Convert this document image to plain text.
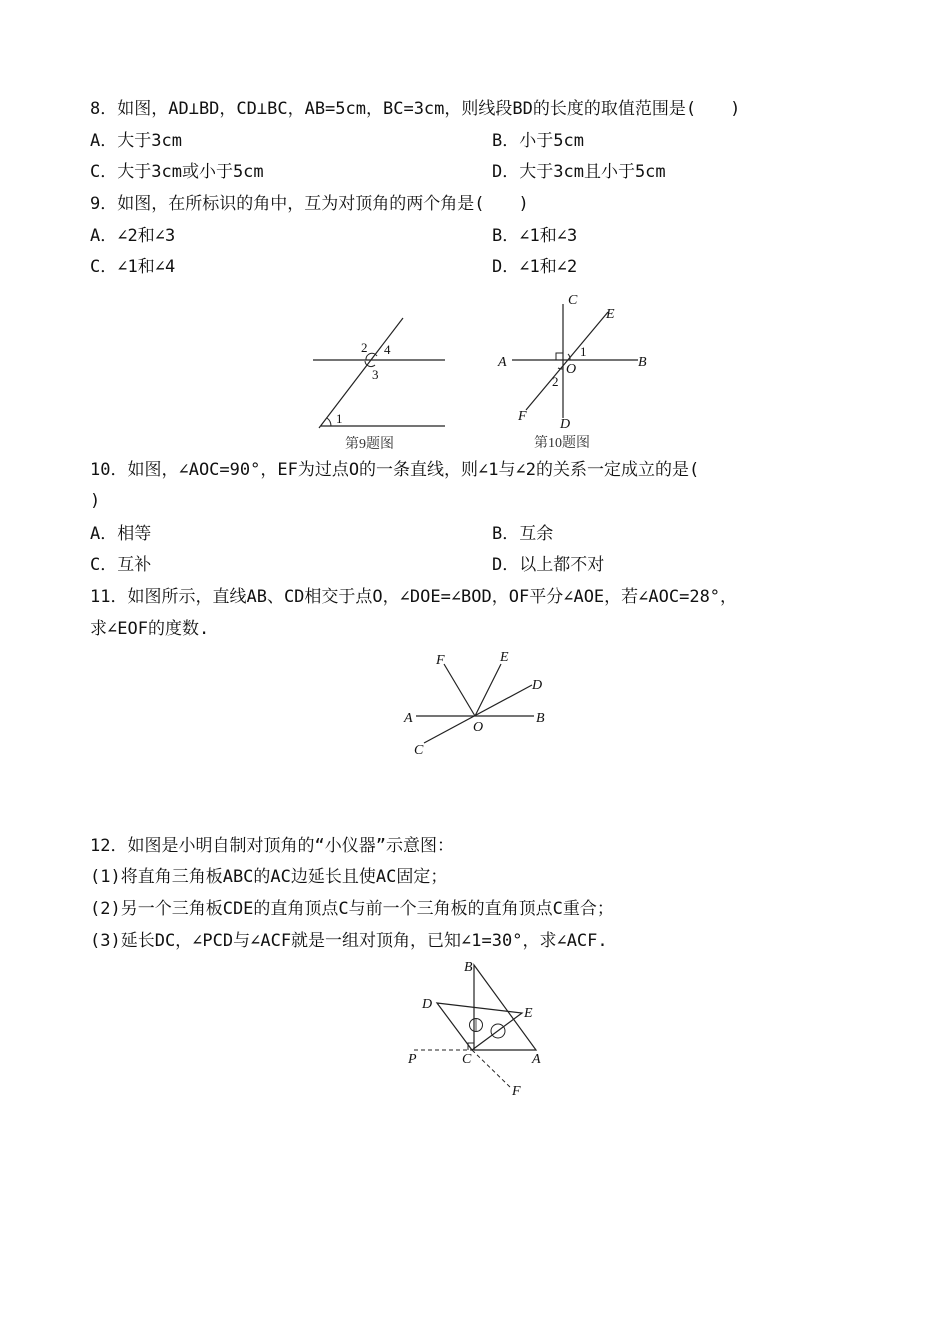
8．如图，AD⊥BD，CD⊥BC，AB=5cm，BC=3cm，则线段BD的长度的取值范围是(　　)
A．大于3cm	B．小于5cm
C．大于3cm或小于5cm	D．大于3cm且小于5cm
9．如图，在所标识的角中，互为对顶角的两个角是(　　)
A．∠2和∠3	B．∠1和∠3
C．∠1和∠4	D．∠1和∠2
1
2
3
4
第9题图
A	B
C
D
E
F
O
1
2
第10题图
10．如图，∠AOC=90°，EF为过点O的一条直线，则∠1与∠2的关系一定成立的是(
)
A．相等	B．互余
C．互补	D．以上都不对
11．如图所示，直线AB、CD相交于点O，∠DOE=∠BOD，OF平分∠AOE，若∠AOC=28°，
求∠EOF的度数.
A	B
C
D
E
F
O
12．如图是小明自制对顶角的“小仪器”示意图：
(1)将直角三角板ABC的AC边延长且使AC固定；
(2)另一个三角板CDE的直角顶点C与前一个三角板的直角顶点C重合；
(3)延长DC，∠PCD与∠ACF就是一组对顶角，已知∠1=30°，求∠ACF.
B
D
E
P	C	A
F
